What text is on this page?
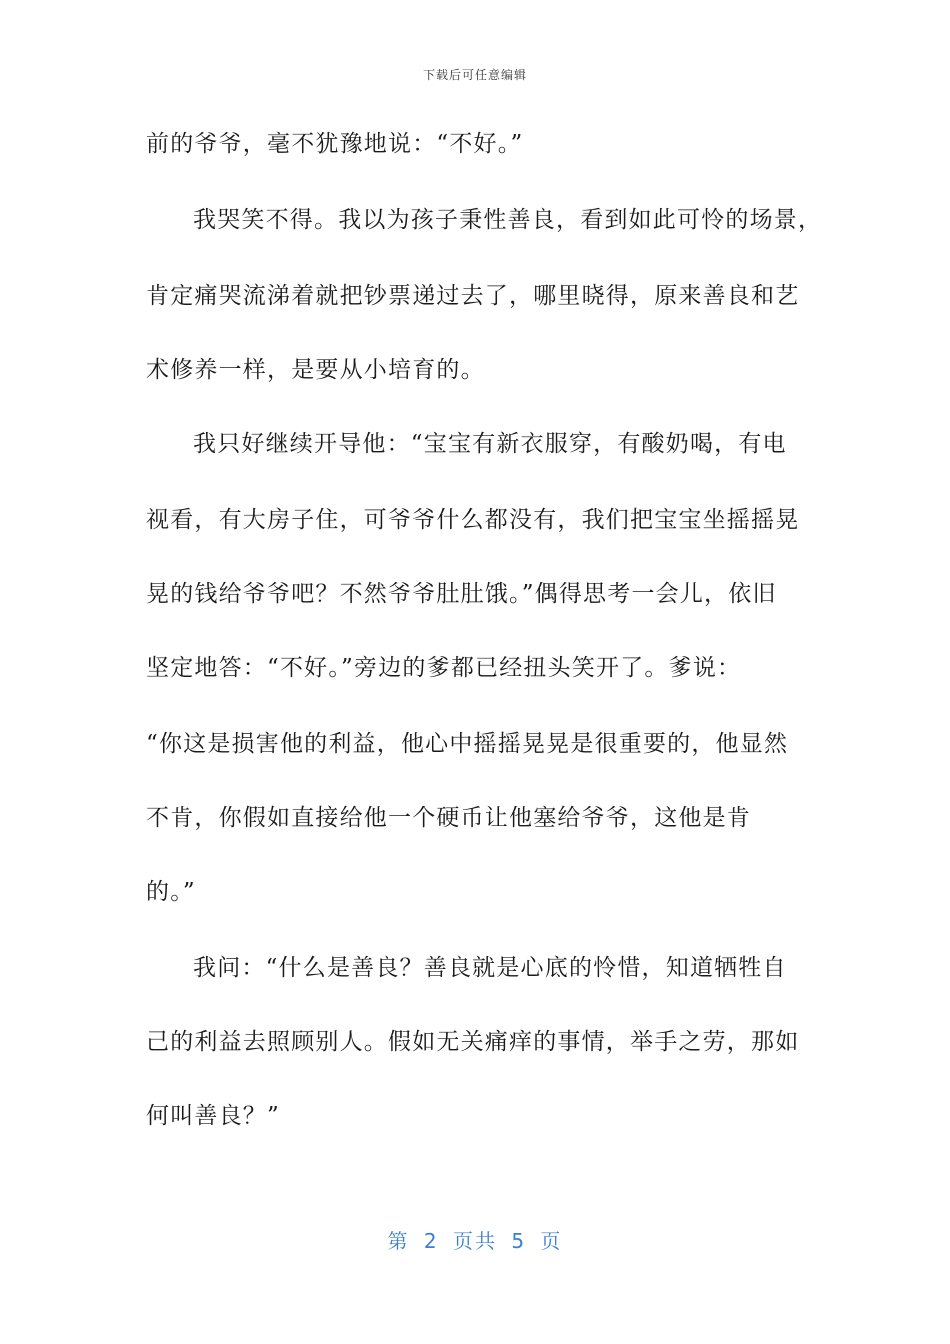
下载后可任意编辑
前的爷爷，毫不犹豫地说：“不好。”
我哭笑不得。我以为孩子秉性善良，看到如此可怜的场景，
肯定痛哭流涕着就把钞票递过去了，哪里晓得，原来善良和艺
术修养一样，是要从小培育的。
我只好继续开导他：“宝宝有新衣服穿，有酸奶喝，有电
视看，有大房子住，可爷爷什么都没有，我们把宝宝坐摇摇晃
晃的钱给爷爷吧？不然爷爷肚肚饿。”偶得思考一会儿，依旧
坚定地答：“不好。”旁边的爹都已经扭头笑开了。爹说：
“你这是损害他的利益，他心中摇摇晃晃是很重要的，他显然
不肯，你假如直接给他一个硬币让他塞给爷爷，这他是肯
的。”
我问：“什么是善良？善良就是心底的怜惜，知道牺牲自
己的利益去照顾别人。假如无关痛痒的事情，举手之劳，那如
何叫善良？”
第 2 页共 5 页
